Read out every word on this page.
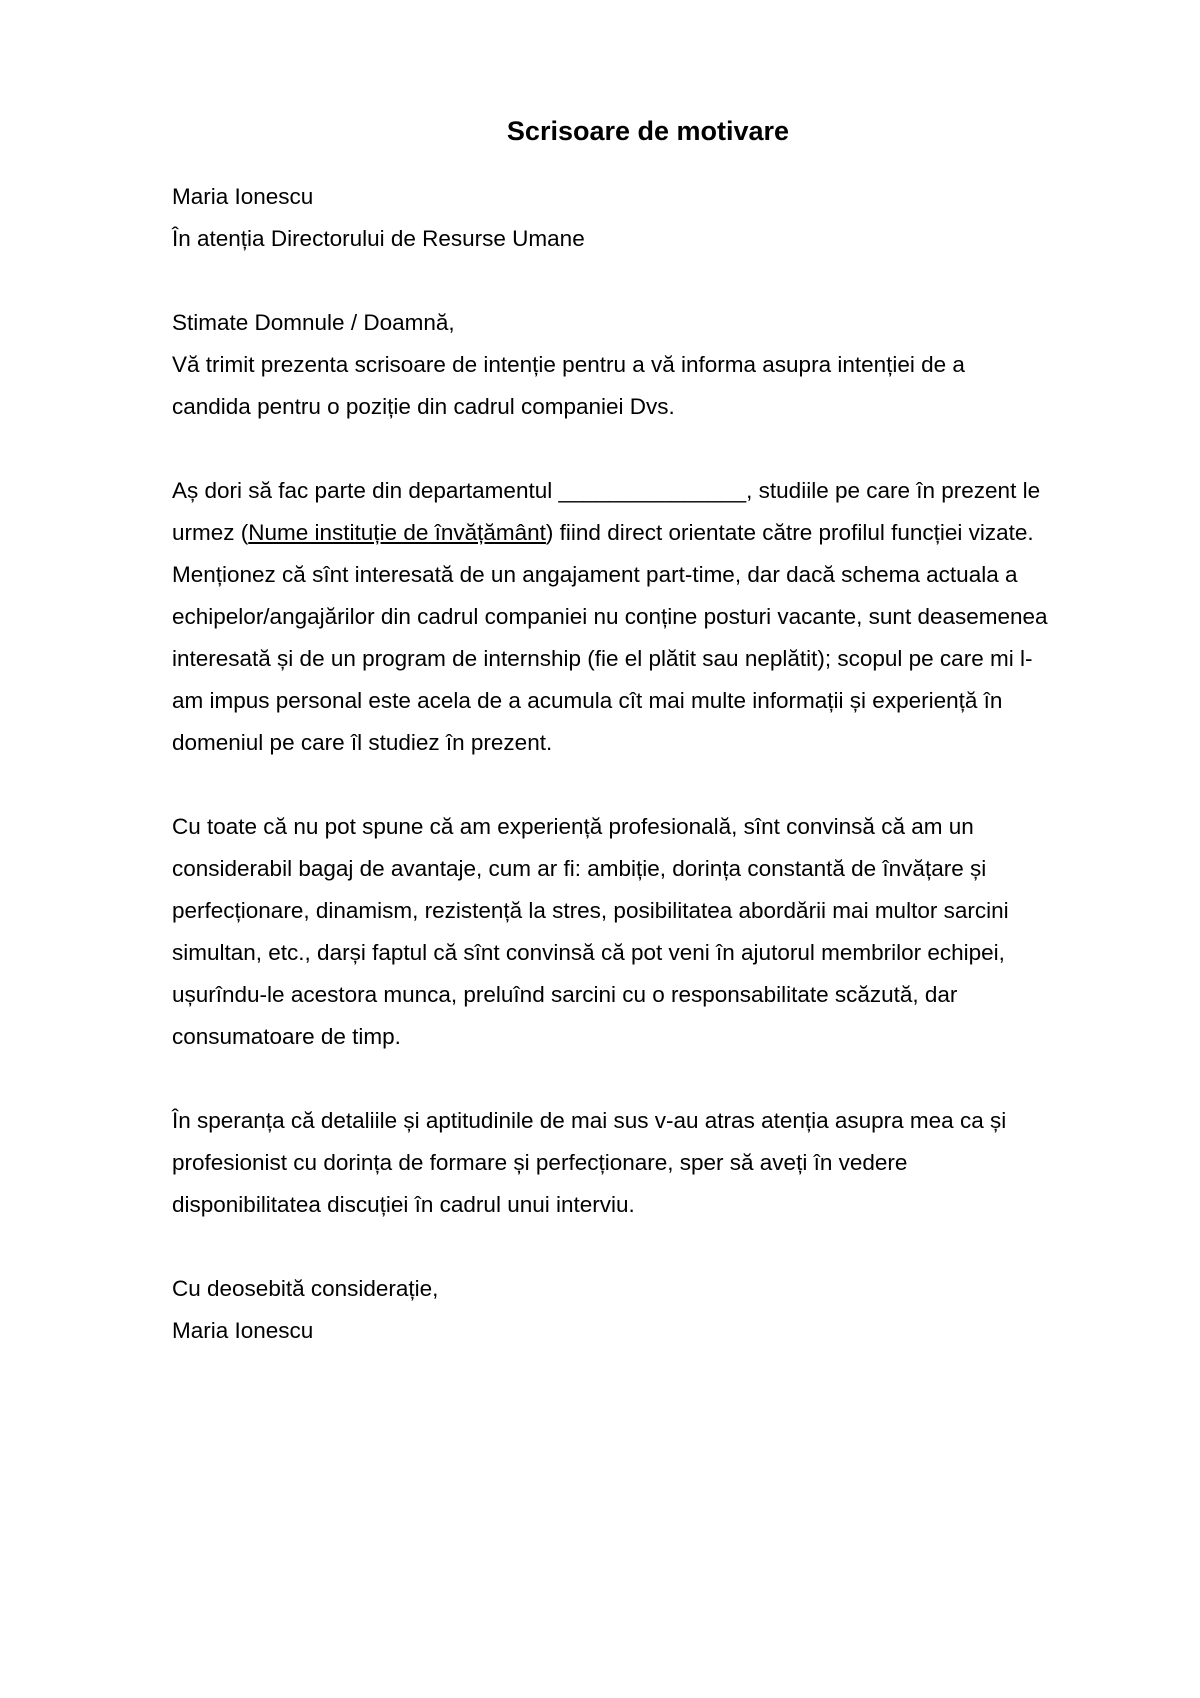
Scrisoare de motivare

Maria Ionescu

În atenția Directorului de Resurse Umane

Stimate Domnule / Doamnă,

Vă trimit prezenta scrisoare de intenție pentru a vă informa asupra intenției de a

candida pentru o poziție din cadrul companiei Dvs.

Aș dori să fac parte din departamentul _______________, studiile pe care în prezent le

urmez (Nume instituție de învățământ) fiind direct orientate către profilul funcției vizate.

Menționez că sînt interesată de un angajament part-time, dar dacă schema actuala a

echipelor/angajărilor din cadrul companiei nu conține posturi vacante, sunt deasemenea

interesată și de un program de internship (fie el plătit sau neplătit); scopul pe care mi l-

am impus personal este acela de a acumula cît mai multe informații și experiență în

domeniul pe care îl studiez în prezent.

Cu toate că nu pot spune că am experiență profesională, sînt convinsă că am un

considerabil bagaj de avantaje, cum ar fi: ambiție, dorința constantă de învățare și

perfecționare, dinamism, rezistență la stres, posibilitatea abordării mai multor sarcini

simultan, etc., darși faptul că sînt convinsă că pot veni în ajutorul membrilor echipei,

ușurîndu-le acestora munca, preluînd sarcini cu o responsabilitate scăzută, dar

consumatoare de timp.

În speranța că detaliile și aptitudinile de mai sus v-au atras atenția asupra mea ca și

profesionist cu dorința de formare și perfecționare, sper să aveți în vedere

disponibilitatea discuției în cadrul unui interviu.

Cu deosebită considerație,

Maria Ionescu
